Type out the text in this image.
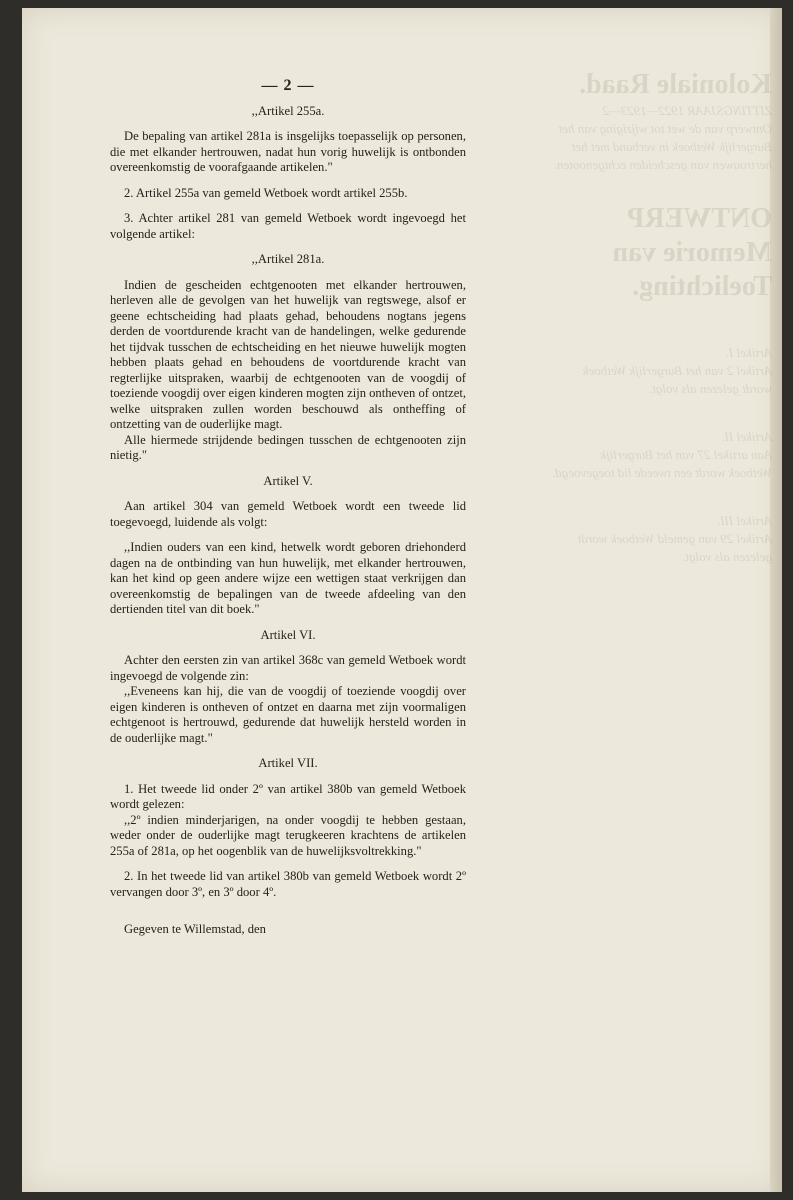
Koloniale Raad.
ZITTINGSJAAR 1922—1923—2
Ontwerp van de wet tot wijziging van het
Burgerlijk Wetboek in verband met het
hertrouwen van gescheiden echtgenooten.
ONTWERP
Memorie van Toelichting.
Artikel I.
Artikel 2 van het Burgerlijk Wetboek
wordt gelezen als volgt.
Artikel II.
Aan artikel 27 van het Burgerlijk
Wetboek wordt een tweede lid toegevoegd.
Artikel III.
Artikel 29 van gemeld Wetboek wordt
gelezen als volgt.
— 2 —
,,Artikel 255a.

De bepaling van artikel 281a is insgelijks toepasselijk op personen, die met elkander hertrouwen, nadat hun vorig huwelijk is ontbonden overeenkomstig de voorafgaande artikelen."

2. Artikel 255a van gemeld Wetboek wordt artikel 255b.

3. Achter artikel 281 van gemeld Wetboek wordt ingevoegd het volgende artikel:

,,Artikel 281a.

Indien de gescheiden echtgenooten met elkander hertrouwen, herleven alle de gevolgen van het huwelijk van regtswege, alsof er geene echtscheiding had plaats gehad, behoudens nogtans jegens derden de voortdurende kracht van de handelingen, welke gedurende het tijdvak tusschen de echtscheiding en het nieuwe huwelijk mogten hebben plaats gehad en behoudens de voortdurende kracht van regterlijke uitspraken, waarbij de echtgenooten van de voogdij of toeziende voogdij over eigen kinderen mogten zijn ontheven of ontzet, welke uitspraken zullen worden beschouwd als ontheffing of ontzetting van de ouderlijke magt.

Alle hiermede strijdende bedingen tusschen de echtgenooten zijn nietig."

Artikel V.

Aan artikel 304 van gemeld Wetboek wordt een tweede lid toegevoegd, luidende als volgt:

,,Indien ouders van een kind, hetwelk wordt geboren driehonderd dagen na de ontbinding van hun huwelijk, met elkander hertrouwen, kan het kind op geen andere wijze een wettigen staat verkrijgen dan overeenkomstig de bepalingen van de tweede afdeeling van den dertienden titel van dit boek."

Artikel VI.

Achter den eersten zin van artikel 368c van gemeld Wetboek wordt ingevoegd de volgende zin:

,,Eveneens kan hij, die van de voogdij of toeziende voogdij over eigen kinderen is ontheven of ontzet en daarna met zijn voormaligen echtgenoot is hertrouwd, gedurende dat huwelijk hersteld worden in de ouderlijke magt."

Artikel VII.

1. Het tweede lid onder 2º van artikel 380b van gemeld Wetboek wordt gelezen:

,,2º indien minderjarigen, na onder voogdij te hebben gestaan, weder onder de ouderlijke magt terugkeeren krachtens de artikelen 255a of 281a, op het oogenblik van de huwelijksvoltrekking."

2. In het tweede lid van artikel 380b van gemeld Wetboek wordt 2º vervangen door 3º, en 3º door 4º.

Gegeven te Willemstad, den
